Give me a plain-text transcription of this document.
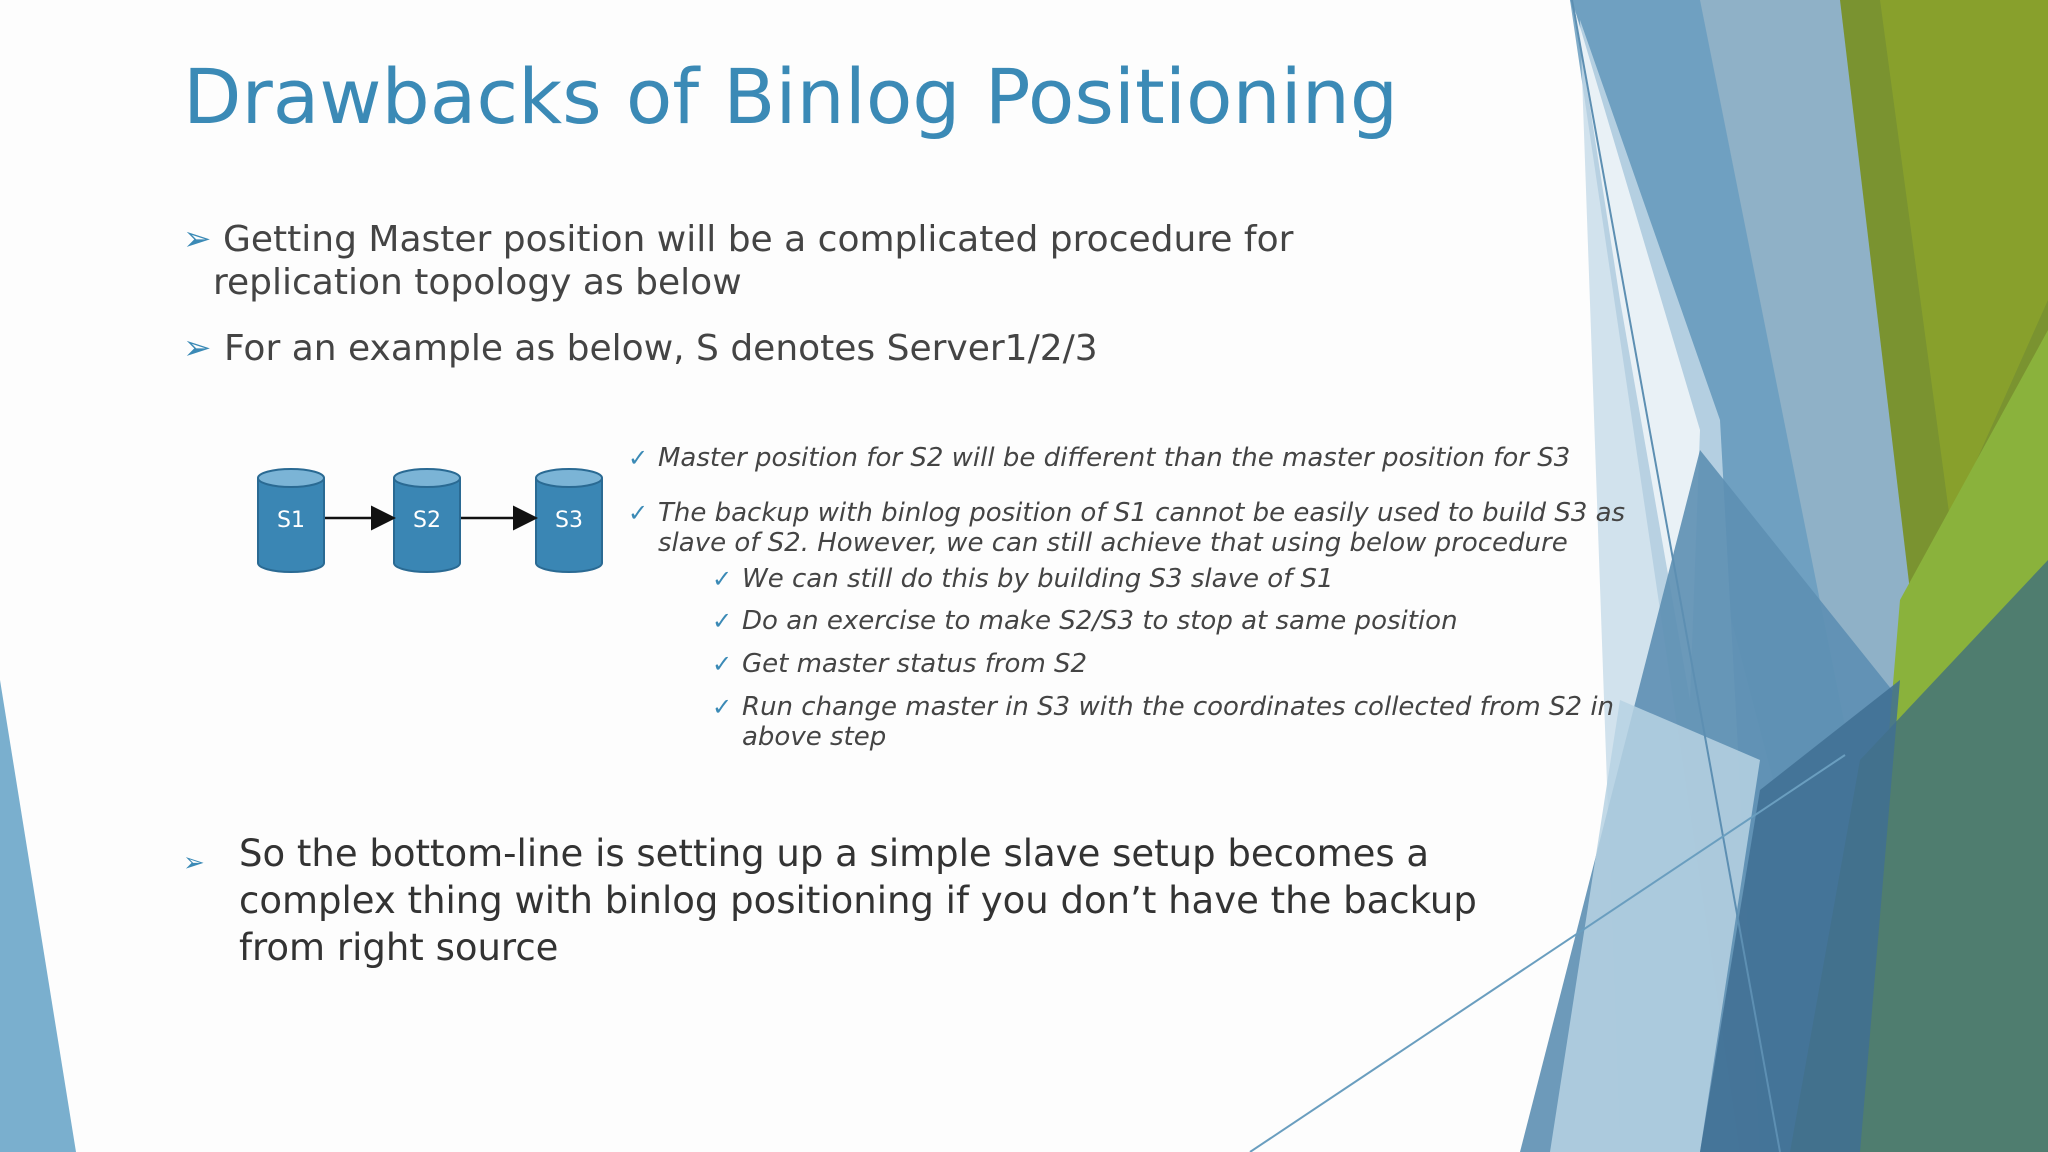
Drawbacks of Binlog Positioning
➢ Getting Master position will be a complicated procedure for replication topology as below
➢ For an example as below, S denotes Server1/2/3
S1	S2	S3
✓ Master position for S2 will be different than the master position for S3
✓ The backup with binlog position of S1 cannot be easily used to build S3 as slave of S2. However, we can still achieve that using below procedure
✓ We can still do this by building S3 slave of S1
✓ Do an exercise to make S2/S3 to stop at same position
✓ Get master status from S2
✓ Run change master in S3 with the coordinates collected from S2 in above step
➢ So the bottom-line is setting up a simple slave setup becomes a complex thing with binlog positioning if you don’t have the backup from right source
